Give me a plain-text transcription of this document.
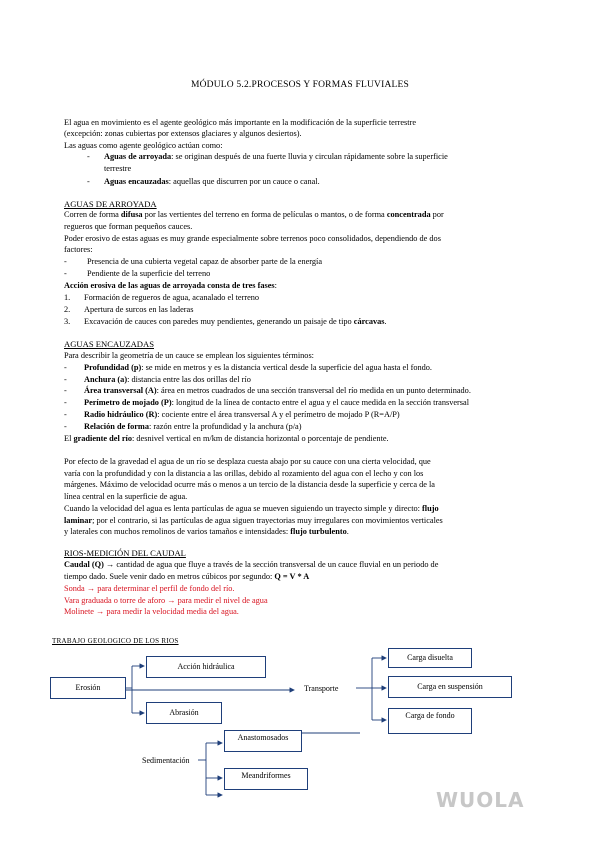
MÓDULO 5.2.PROCESOS Y FORMAS FLUVIALES
El agua en movimiento es el agente geológico más importante en la modificación de la superficie terrestre
(excepción: zonas cubiertas por extensos glaciares y algunos desiertos).
Las aguas como agente geológico actúan como:
- Aguas de arroyada: se originan después de una fuerte lluvia y circulan rápidamente sobre la superficie
terrestre
- Aguas encauzadas: aquellas que discurren por un cauce o canal.
AGUAS DE ARROYADA
Corren de forma difusa por las vertientes del terreno en forma de películas o mantos, o de forma concentrada por
regueros que forman pequeños cauces.
Poder erosivo de estas aguas es muy grande especialmente sobre terrenos poco consolidados, dependiendo de dos
factores:
- Presencia de una cubierta vegetal capaz de absorber parte de la energía
- Pendiente de la superficie del terreno
Acción erosiva de las aguas de arroyada consta de tres fases:
1. Formación de regueros de agua, acanalado el terreno
2. Apertura de surcos en las laderas
3. Excavación de cauces con paredes muy pendientes, generando un paisaje de tipo cárcavas.
AGUAS ENCAUZADAS
Para describir la geometría de un cauce se emplean los siguientes términos:
- Profundidad (p): se mide en metros y es la distancia vertical desde la superficie del agua hasta el fondo.
- Anchura (a): distancia entre las dos orillas del río
- Área transversal (A): área en metros cuadrados de una sección transversal del río medida en un punto determinado.
- Perímetro de mojado (P): longitud de la línea de contacto entre el agua y el cauce medida en la sección transversal
- Radio hidráulico (R): cociente entre el área transversal A y el perímetro de mojado P (R=A/P)
- Relación de forma: razón entre la profundidad y la anchura (p/a)
El gradiente del río: desnivel vertical en m/km de distancia horizontal o porcentaje de pendiente.
Por efecto de la gravedad el agua de un río se desplaza cuesta abajo por su cauce con una cierta velocidad, que
varía con la profundidad y con la distancia a las orillas, debido al rozamiento del agua con el lecho y con los
márgenes. Máximo de velocidad ocurre más o menos a un tercio de la distancia desde la superficie y cerca de la
línea central en la superficie de agua.
Cuando la velocidad del agua es lenta partículas de agua se mueven siguiendo un trayecto simple y directo: flujo
laminar; por el contrario, si las partículas de agua siguen trayectorias muy irregulares con movimientos verticales
y laterales con muchos remolinos de varios tamaños e intensidades: flujo turbulento.
RIOS-MEDICIÓN DEL CAUDAL
Caudal (Q) → cantidad de agua que fluye a través de la sección transversal de un cauce fluvial en un periodo de
tiempo dado. Suele venir dado en metros cúbicos por segundo: Q = V * A
Sonda → para determinar el perfil de fondo del río.
Vara graduada o torre de aforo → para medir el nivel de agua
Molinete → para medir la velocidad media del agua.
TRABAJO GEOLOGICO DE LOS RIOS
Erosión
Acción hidráulica
Abrasión
Transporte
Carga disuelta
Carga en suspensión
Carga de fondo
Anastomosados
Sedimentación
Meandriformes
WUOLA
